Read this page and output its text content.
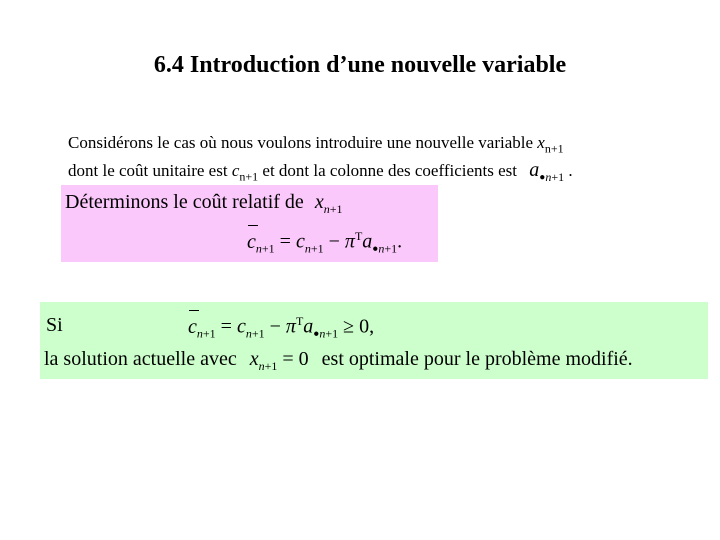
6.4 Introduction d’une nouvelle variable
Considérons le cas où nous voulons introduire une nouvelle variable $x_{n+1}$
dont le coût unitaire est $c_{n+1}$ et dont la colonne des coefficients est $a_{●n+1}$ .
Déterminons le coût relatif de $x_{n+1}$
$c_{n+1} = c_{n+1} - \pi^Ta_{●n+1}$.
Si	$c_{n+1} = c_{n+1} - \pi^Ta_{●n+1} \ge 0$,
la solution actuelle avec $x_{n+1} = 0$ est optimale pour le problème modifié.
